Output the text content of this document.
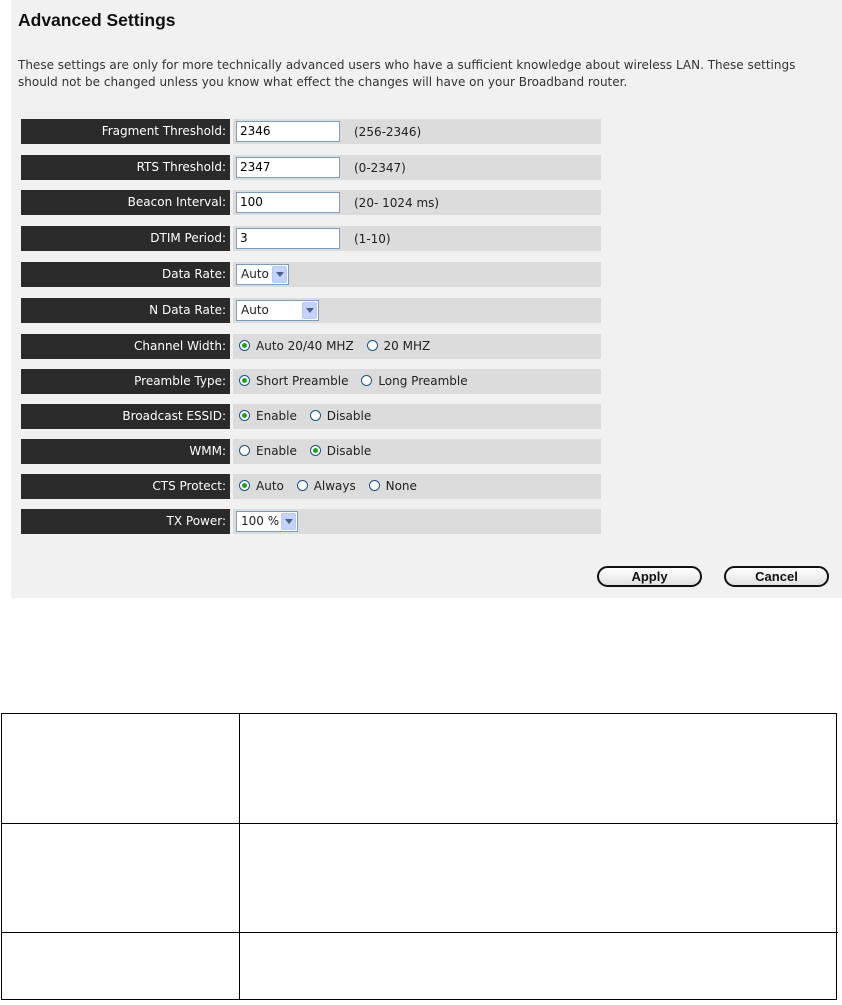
Advanced Settings
These settings are only for more technically advanced users who have a sufficient knowledge about wireless LAN. These settings should not be changed unless you know what effect the changes will have on your Broadband router.
Fragment Threshold:	2346	(256-2346)
RTS Threshold:	2347	(0-2347)
Beacon Interval:	100	(20- 1024 ms)
DTIM Period:	3	(1-10)
Data Rate:	Auto
N Data Rate:	Auto
Channel Width:	Auto 20/40 MHZ 20 MHZ
Preamble Type:	Short Preamble Long Preamble
Broadcast ESSID:	Enable Disable
WMM:	Enable Disable
CTS Protect:	Auto Always None
TX Power:	100 %
Apply	Cancel
